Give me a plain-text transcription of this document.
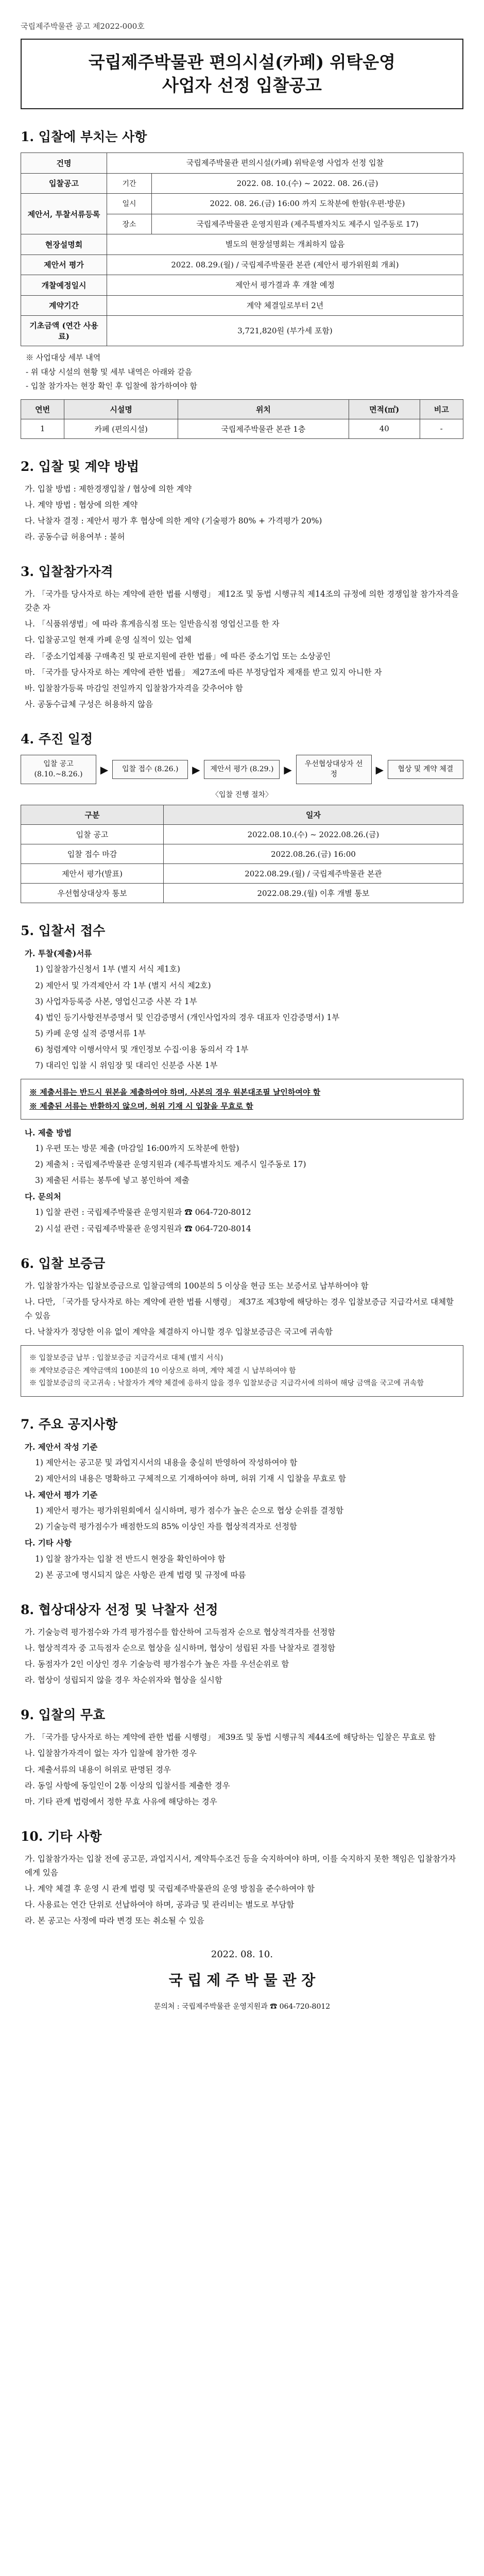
국립제주박물관 공고 제2022-000호
국립제주박물관 편의시설(카페) 위탁운영
사업자 선정 입찰공고
1. 입찰에 부치는 사항
건명	국립제주박물관 편의시설(카페) 위탁운영 사업자 선정 입찰	
입찰공고	기간	2022. 08. 10.(수) ~ 2022. 08. 26.(금)
제안서, 투찰서류등록	일시	2022. 08. 26.(금) 16:00 까지 도착분에 한함(우편·방문)
	장소	국립제주박물관 운영지원과 (제주특별자치도 제주시 일주동로 17)
현장설명회	별도의 현장설명회는 개최하지 않음	
제안서 평가	2022. 08.29.(월) / 국립제주박물관 본관 (제안서 평가위원회 개최)	
개찰예정일시	제안서 평가결과 후 개찰 예정	
계약기간	계약 체결일로부터 2년	
기초금액 (연간 사용료)	3,721,820원 (부가세 포함)	

※ 사업대상 세부 내역

- 위 대상 시설의 현황 및 세부 내역은 아래와 같음

- 입찰 참가자는 현장 확인 후 입찰에 참가하여야 함

연번	시설명	위치	면적(㎡)	비고
1	카페 (편의시설)	국립제주박물관 본관 1층	40	-
2. 입찰 및 계약 방법

가. 입찰 방법 : 제한경쟁입찰 / 협상에 의한 계약

나. 계약 방법 : 협상에 의한 계약

다. 낙찰자 결정 : 제안서 평가 후 협상에 의한 계약 (기술평가 80% + 가격평가 20%)

라. 공동수급 허용여부 : 불허

3. 입찰참가자격

가. 「국가를 당사자로 하는 계약에 관한 법률 시행령」 제12조 및 동법 시행규칙 제14조의 규정에 의한 경쟁입찰 참가자격을 갖춘 자

나. 「식품위생법」에 따라 휴게음식점 또는 일반음식점 영업신고를 한 자

다. 입찰공고일 현재 카페 운영 실적이 있는 업체

라. 「중소기업제품 구매촉진 및 판로지원에 관한 법률」에 따른 중소기업 또는 소상공인

마. 「국가를 당사자로 하는 계약에 관한 법률」 제27조에 따른 부정당업자 제재를 받고 있지 아니한 자

바. 입찰참가등록 마감일 전일까지 입찰참가자격을 갖추어야 함

사. 공동수급체 구성은 허용하지 않음

4. 주진 일정
입찰 공고 (8.10.~8.26.)	▶	입찰 접수 (8.26.)	▶	제안서 평가 (8.29.) ▶	우선협상대상자 선정	▶	협상 및 계약 체결
〈입찰 진행 절차〉
구분	일자
입찰 공고	2022.08.10.(수) ~ 2022.08.26.(금)
입찰 접수 마감	2022.08.26.(금) 16:00
제안서 평가(발표)	2022.08.29.(월) / 국립제주박물관 본관
우선협상대상자 통보	2022.08.29.(월) 이후 개별 통보
5. 입찰서 접수

가. 투찰(제출)서류

1) 입찰참가신청서 1부 (별지 서식 제1호)

2) 제안서 및 가격제안서 각 1부 (별지 서식 제2호)

3) 사업자등록증 사본, 영업신고증 사본 각 1부

4) 법인 등기사항전부증명서 및 인감증명서 (개인사업자의 경우 대표자 인감증명서) 1부

5) 카페 운영 실적 증명서류 1부

6) 청렴계약 이행서약서 및 개인정보 수집·이용 동의서 각 1부

7) 대리인 입찰 시 위임장 및 대리인 신분증 사본 1부

※ 제출서류는 반드시 원본을 제출하여야 하며, 사본의 경우 원본대조필 날인하여야 함
※ 제출된 서류는 반환하지 않으며, 허위 기재 시 입찰을 무효로 함

나. 제출 방법

1) 우편 또는 방문 제출 (마감일 16:00까지 도착분에 한함)

2) 제출처 : 국립제주박물관 운영지원과 (제주특별자치도 제주시 일주동로 17)

3) 제출된 서류는 봉투에 넣고 봉인하여 제출

다. 문의처

1) 입찰 관련 : 국립제주박물관 운영지원과 ☎ 064-720-8012

2) 시설 관련 : 국립제주박물관 운영지원과 ☎ 064-720-8014

6. 입찰 보증금

가. 입찰참가자는 입찰보증금으로 입찰금액의 100분의 5 이상을 현금 또는 보증서로 납부하여야 함

나. 다만, 「국가를 당사자로 하는 계약에 관한 법률 시행령」 제37조 제3항에 해당하는 경우 입찰보증금 지급각서로 대체할 수 있음

다. 낙찰자가 정당한 이유 없이 계약을 체결하지 아니할 경우 입찰보증금은 국고에 귀속함

※ 입찰보증금 납부 : 입찰보증금 지급각서로 대체 (별지 서식)
※ 계약보증금은 계약금액의 100분의 10 이상으로 하며, 계약 체결 시 납부하여야 함
※ 입찰보증금의 국고귀속 : 낙찰자가 계약 체결에 응하지 않을 경우 입찰보증금 지급각서에 의하여 해당 금액을 국고에 귀속함
7. 주요 공지사항

가. 제안서 작성 기준

1) 제안서는 공고문 및 과업지시서의 내용을 충실히 반영하여 작성하여야 함

2) 제안서의 내용은 명확하고 구체적으로 기재하여야 하며, 허위 기재 시 입찰을 무효로 함

나. 제안서 평가 기준

1) 제안서 평가는 평가위원회에서 실시하며, 평가 점수가 높은 순으로 협상 순위를 결정함

2) 기술능력 평가점수가 배점한도의 85% 이상인 자를 협상적격자로 선정함

다. 기타 사항

1) 입찰 참가자는 입찰 전 반드시 현장을 확인하여야 함

2) 본 공고에 명시되지 않은 사항은 관계 법령 및 규정에 따름

8. 협상대상자 선정 및 낙찰자 선정

가. 기술능력 평가점수와 가격 평가점수를 합산하여 고득점자 순으로 협상적격자를 선정함

나. 협상적격자 중 고득점자 순으로 협상을 실시하며, 협상이 성립된 자를 낙찰자로 결정함

다. 동점자가 2인 이상인 경우 기술능력 평가점수가 높은 자를 우선순위로 함

라. 협상이 성립되지 않을 경우 차순위자와 협상을 실시함

9. 입찰의 무효

가. 「국가를 당사자로 하는 계약에 관한 법률 시행령」 제39조 및 동법 시행규칙 제44조에 해당하는 입찰은 무효로 함

나. 입찰참가자격이 없는 자가 입찰에 참가한 경우

다. 제출서류의 내용이 허위로 판명된 경우

라. 동일 사항에 동일인이 2통 이상의 입찰서를 제출한 경우

마. 기타 관계 법령에서 정한 무효 사유에 해당하는 경우

10. 기타 사항

가. 입찰참가자는 입찰 전에 공고문, 과업지시서, 계약특수조건 등을 숙지하여야 하며, 이를 숙지하지 못한 책임은 입찰참가자에게 있음

나. 계약 체결 후 운영 시 관계 법령 및 국립제주박물관의 운영 방침을 준수하여야 함

다. 사용료는 연간 단위로 선납하여야 하며, 공과금 및 관리비는 별도로 부담함

라. 본 공고는 사정에 따라 변경 또는 취소될 수 있음

2022. 08. 10.
국 립 제 주 박 물 관 장
문의처 : 국립제주박물관 운영지원과 ☎ 064-720-8012
